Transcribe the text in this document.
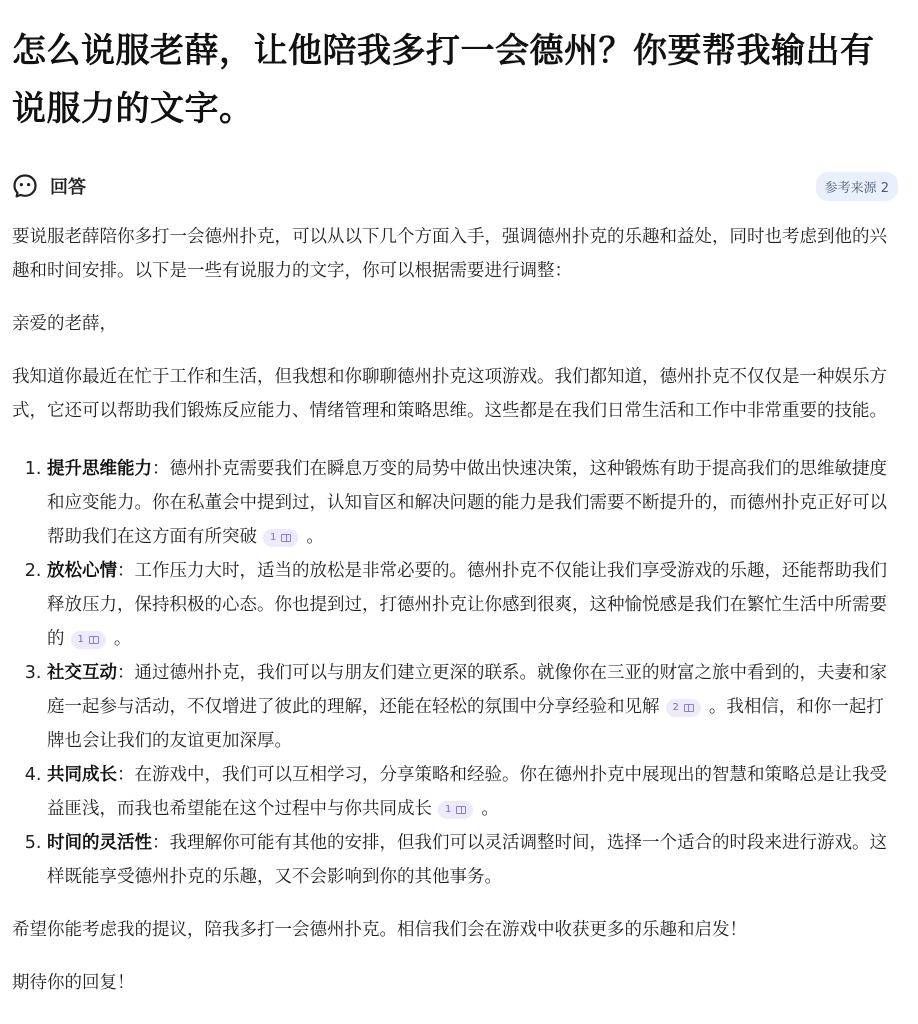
怎么说服老薛，让他陪我多打一会德州？你要帮我输出有说服力的文字。
回答	参考来源 2

要说服老薛陪你多打一会德州扑克，可以从以下几个方面入手，强调德州扑克的乐趣和益处，同时也考虑到他的兴趣和时间安排。以下是一些有说服力的文字，你可以根据需要进行调整：

亲爱的老薛，

我知道你最近在忙于工作和生活，但我想和你聊聊德州扑克这项游戏。我们都知道，德州扑克不仅仅是一种娱乐方式，它还可以帮助我们锻炼反应能力、情绪管理和策略思维。这些都是在我们日常生活和工作中非常重要的技能。

1. 提升思维能力：德州扑克需要我们在瞬息万变的局势中做出快速决策，这种锻炼有助于提高我们的思维敏捷度和应变能力。你在私董会中提到过，认知盲区和解决问题的能力是我们需要不断提升的，而德州扑克正好可以帮助我们在这方面有所突破 1 。
2. 放松心情：工作压力大时，适当的放松是非常必要的。德州扑克不仅能让我们享受游戏的乐趣，还能帮助我们释放压力，保持积极的心态。你也提到过，打德州扑克让你感到很爽，这种愉悦感是我们在繁忙生活中所需要的 1 。
3. 社交互动：通过德州扑克，我们可以与朋友们建立更深的联系。就像你在三亚的财富之旅中看到的，夫妻和家庭一起参与活动，不仅增进了彼此的理解，还能在轻松的氛围中分享经验和见解 2 。我相信，和你一起打牌也会让我们的友谊更加深厚。
4. 共同成长：在游戏中，我们可以互相学习，分享策略和经验。你在德州扑克中展现出的智慧和策略总是让我受益匪浅，而我也希望能在这个过程中与你共同成长 1 。
5. 时间的灵活性：我理解你可能有其他的安排，但我们可以灵活调整时间，选择一个适合的时段来进行游戏。这样既能享受德州扑克的乐趣，又不会影响到你的其他事务。

希望你能考虑我的提议，陪我多打一会德州扑克。相信我们会在游戏中收获更多的乐趣和启发！

期待你的回复！
